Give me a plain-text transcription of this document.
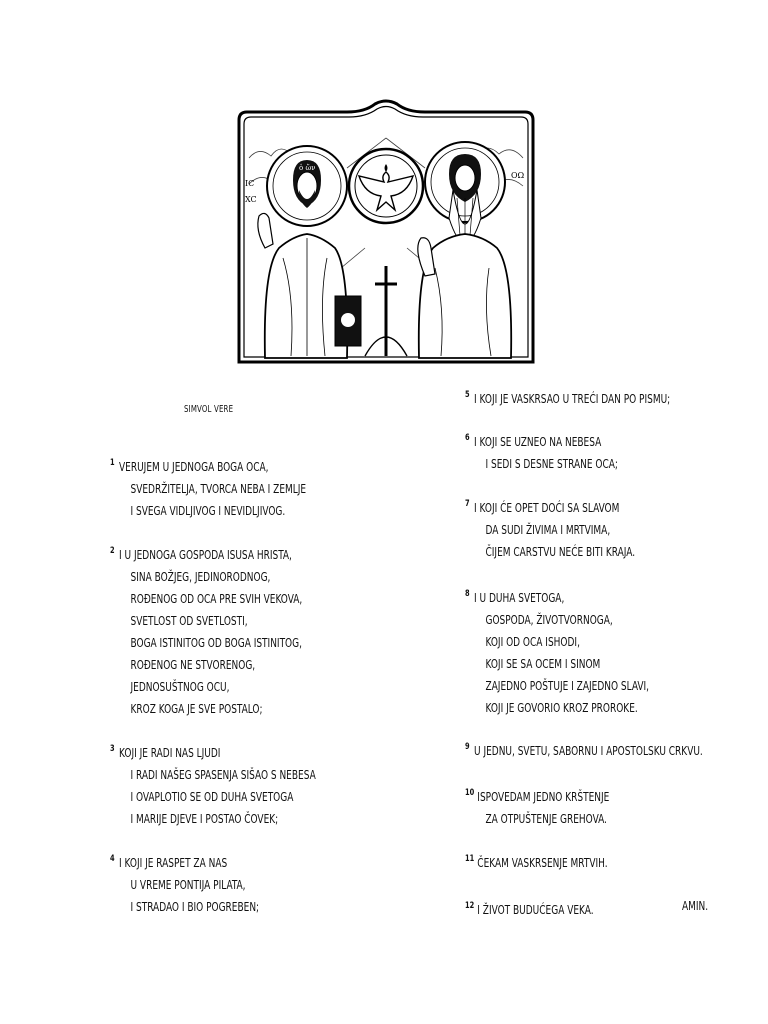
IC
XC
ΟΩ
ὁ ὤν
SIMVOL VERE
1 VERUJEM U JEDNOGA BOGA OCA,
SVEDRŽITELJA, TVORCA NEBA I ZEMLJE
I SVEGA VIDLJIVOG I NEVIDLJIVOG.
2 I U JEDNOGA GOSPODA ISUSA HRISTA,
SINA BOŽJEG, JEDINORODNOG,
ROĐENOG OD OCA PRE SVIH VEKOVA,
SVETLOST OD SVETLOSTI,
BOGA ISTINITOG OD BOGA ISTINITOG,
ROĐENOG NE STVORENOG,
JEDNOSUŠTNOG OCU,
KROZ KOGA JE SVE POSTALO;
3 KOJI JE RADI NAS LJUDI
I RADI NAŠEG SPASENJA SIŠAO S NEBESA
I OVAPLOTIO SE OD DUHA SVETOGA
I MARIJE DJEVE I POSTAO ČOVEK;
4 I KOJI JE RASPET ZA NAS
U VREME PONTIJA PILATA,
I STRADAO I BIO POGREBEN;
5 I KOJI JE VASKRSAO U TREĆI DAN PO PISMU;
6 I KOJI SE UZNEO NA NEBESA
I SEDI S DESNE STRANE OCA;
7 I KOJI ĆE OPET DOĆI SA SLAVOM
DA SUDI ŽIVIMA I MRTVIMA,
ČIJEM CARSTVU NEĆE BITI KRAJA.
8 I U DUHA SVETOGA,
GOSPODA, ŽIVOTVORNOGA,
KOJI OD OCA ISHODI,
KOJI SE SA OCEM I SINOM
ZAJEDNO POŠTUJE I ZAJEDNO SLAVI,
KOJI JE GOVORIO KROZ PROROKE.
9 U JEDNU, SVETU, SABORNU I APOSTOLSKU CRKVU.
10 ISPOVEDAM JEDNO KRŠTENJE
ZA OTPUŠTENJE GREHOVA.
11 ČEKAM VASKRSENJE MRTVIH.
12 I ŽIVOT BUDUĆEGA VEKA.	AMIN.
